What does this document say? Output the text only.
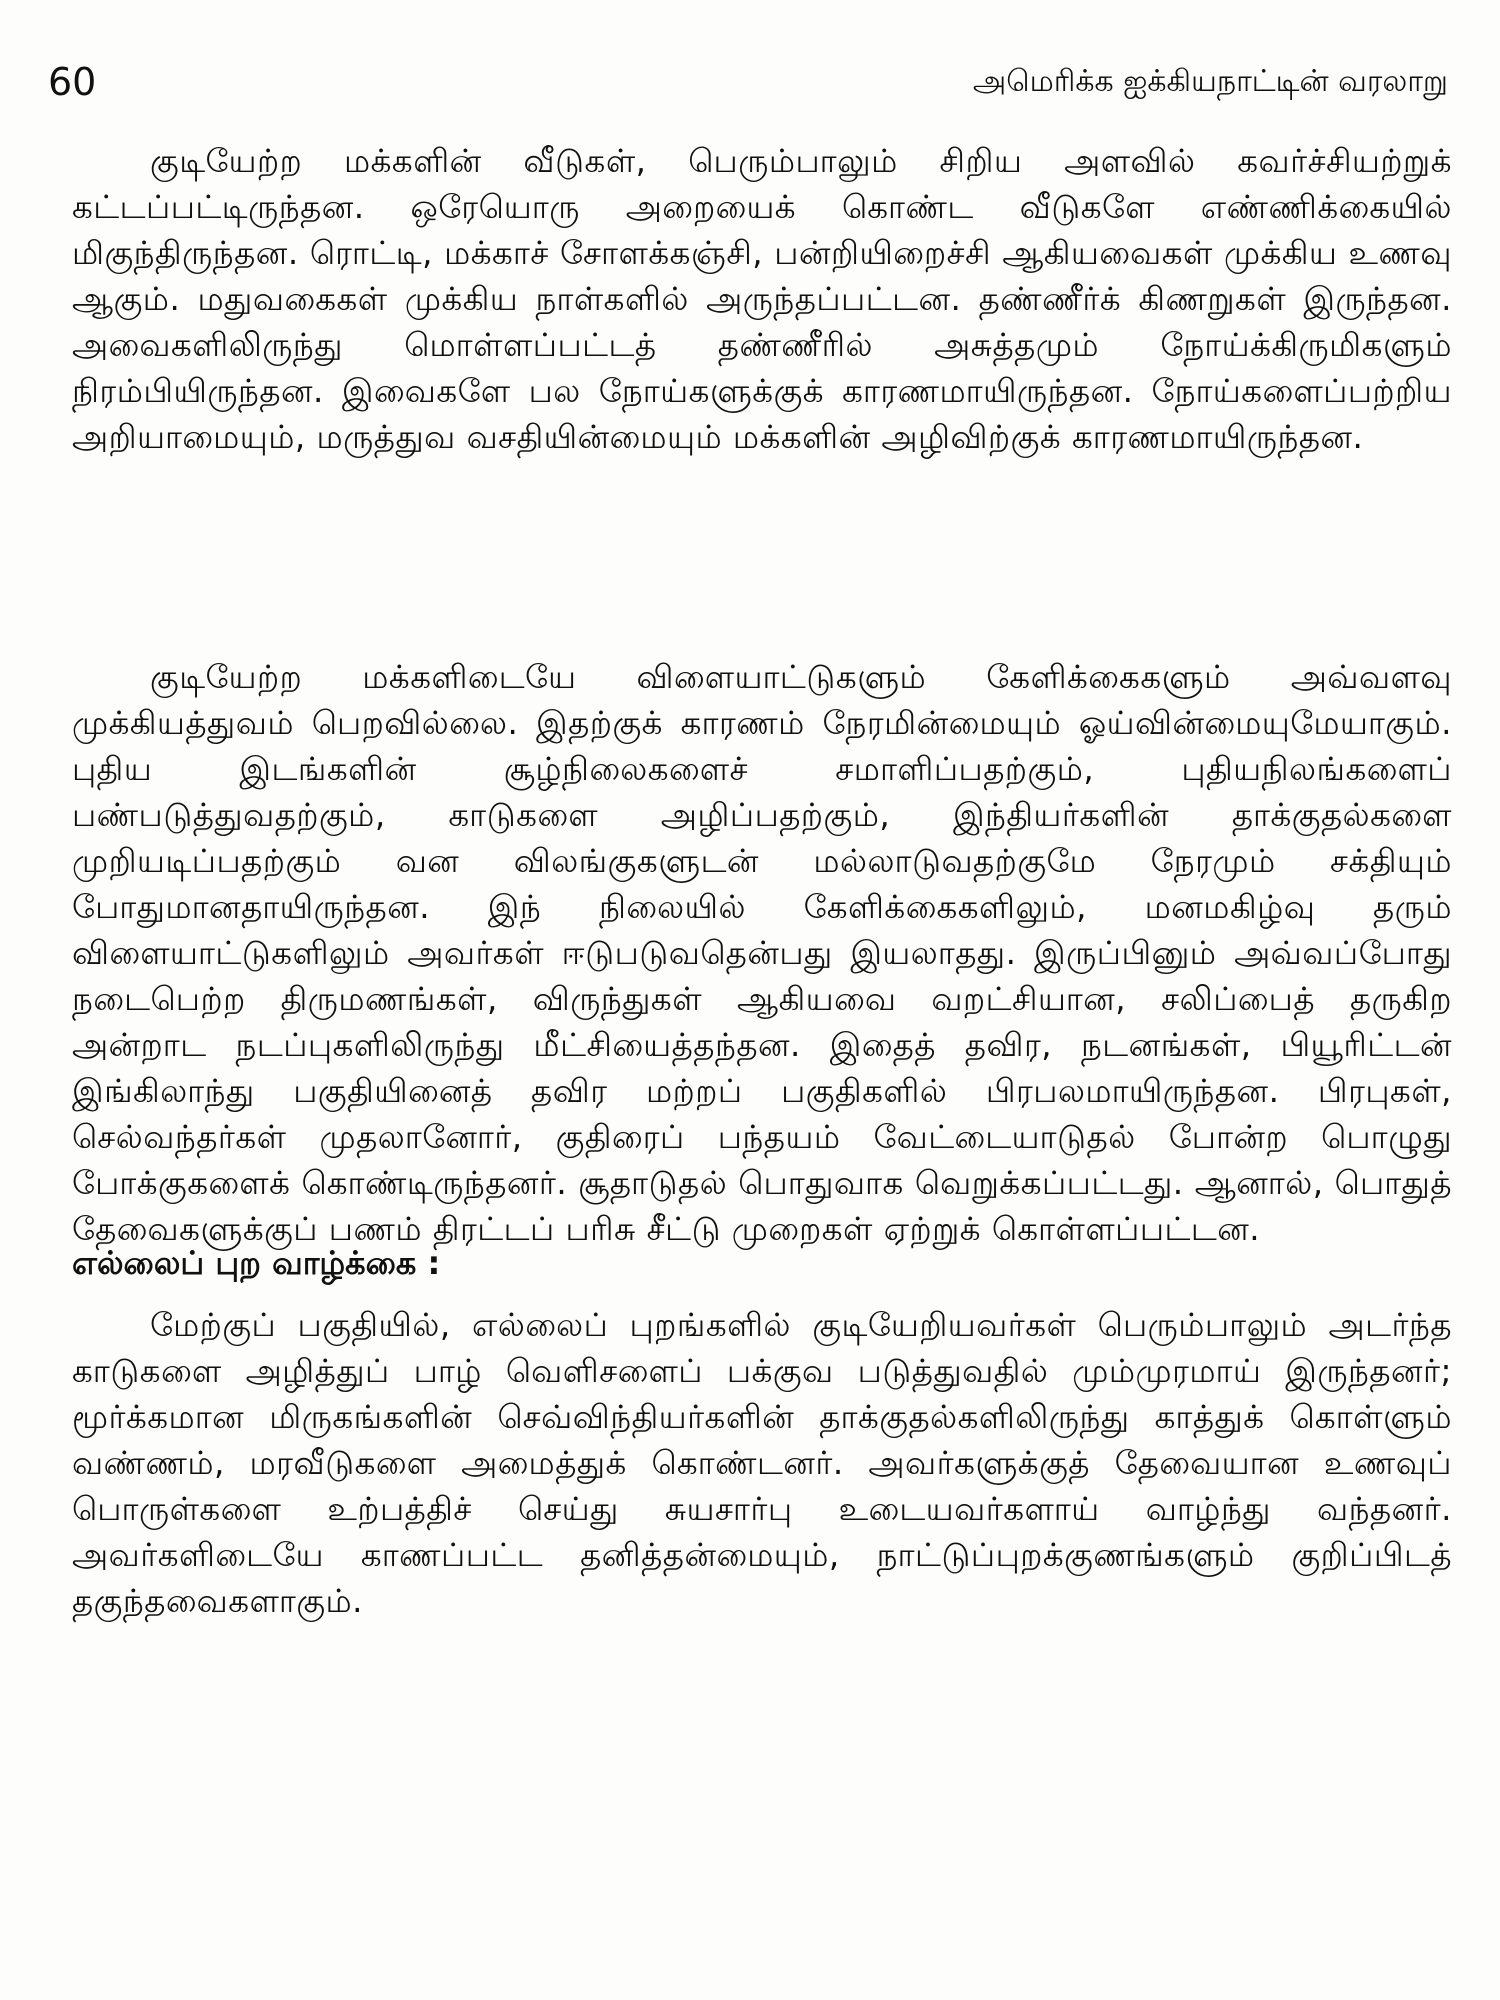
60	அமெரிக்க ஐக்கியநாட்டின் வரலாறு

குடியேற்ற மக்களின் வீடுகள், பெரும்பாலும் சிறிய அளவில் கவர்ச்சியற்றுக் கட்டப்பட்டிருந்தன. ஒரேயொரு அறையைக் கொண்ட வீடுகளே எண்ணிக்கையில் மிகுந்திருந்தன. ரொட்டி, மக்காச் சோளக்கஞ்சி, பன்றியிறைச்சி ஆகியவைகள் முக்கிய உணவு ஆகும். மதுவகைகள் முக்கிய நாள்களில் அருந்தப்பட்டன. தண்ணீர்க் கிணறுகள் இருந்தன. அவைகளிலிருந்து மொள்ளப்பட்டத் தண்ணீரில் அசுத்தமும் நோய்க்கிருமிகளும் நிரம்பியிருந்தன. இவைகளே பல நோய்களுக்குக் காரணமாயிருந்தன. நோய்களைப்பற்றிய அறியாமையும், மருத்துவ வசதியின்மையும் மக்களின் அழிவிற்குக் காரணமாயிருந்தன.

குடியேற்ற மக்களிடையே விளையாட்டுகளும் கேளிக்கைகளும் அவ்வளவு முக்கியத்துவம் பெறவில்லை. இதற்குக் காரணம் நேரமின்மையும் ஓய்வின்மையுமேயாகும். புதிய இடங்களின் சூழ்நிலைகளைச் சமாளிப்பதற்கும், புதியநிலங்களைப் பண்படுத்துவதற்கும், காடுகளை அழிப்பதற்கும், இந்தியர்களின் தாக்குதல்களை முறியடிப்பதற்கும் வன விலங்குகளுடன் மல்லாடுவதற்குமே நேரமும் சக்தியும் போதுமானதாயிருந்தன. இந் நிலையில் கேளிக்கைகளிலும், மனமகிழ்வு தரும் விளையாட்டுகளிலும் அவர்கள் ஈடுபடுவதென்பது இயலாதது. இருப்பினும் அவ்வப்போது நடைபெற்ற திருமணங்கள், விருந்துகள் ஆகியவை வறட்சியான, சலிப்பைத் தருகிற அன்றாட நடப்புகளிலிருந்து மீட்சியைத்தந்தன. இதைத் தவிர, நடனங்கள், பியூரிட்டன் இங்கிலாந்து பகுதியினைத் தவிர மற்றப் பகுதிகளில் பிரபலமாயிருந்தன. பிரபுகள், செல்வந்தர்கள் முதலானோர், குதிரைப் பந்தயம் வேட்டையாடுதல் போன்ற பொழுது போக்குகளைக் கொண்டிருந்தனர். சூதாடுதல் பொதுவாக வெறுக்கப்பட்டது. ஆனால், பொதுத் தேவைகளுக்குப் பணம் திரட்டப் பரிசு சீட்டு முறைகள் ஏற்றுக் கொள்ளப்பட்டன.

எல்லைப் புற வாழ்க்கை :

மேற்குப் பகுதியில், எல்லைப் புறங்களில் குடியேறியவர்கள் பெரும்பாலும் அடர்ந்த காடுகளை அழித்துப் பாழ் வெளிசளைப் பக்குவ படுத்துவதில் மும்முரமாய் இருந்தனர்; மூர்க்கமான மிருகங்களின் செவ்விந்தியர்களின் தாக்குதல்களிலிருந்து காத்துக் கொள்ளும் வண்ணம், மரவீடுகளை அமைத்துக் கொண்டனர். அவர்களுக்குத் தேவையான உணவுப் பொருள்களை உற்பத்திச் செய்து சுயசார்பு உடையவர்களாய் வாழ்ந்து வந்தனர். அவர்களிடையே காணப்பட்ட தனித்தன்மையும், நாட்டுப்புறக்குணங்களும் குறிப்பிடத் தகுந்தவைகளாகும்.
